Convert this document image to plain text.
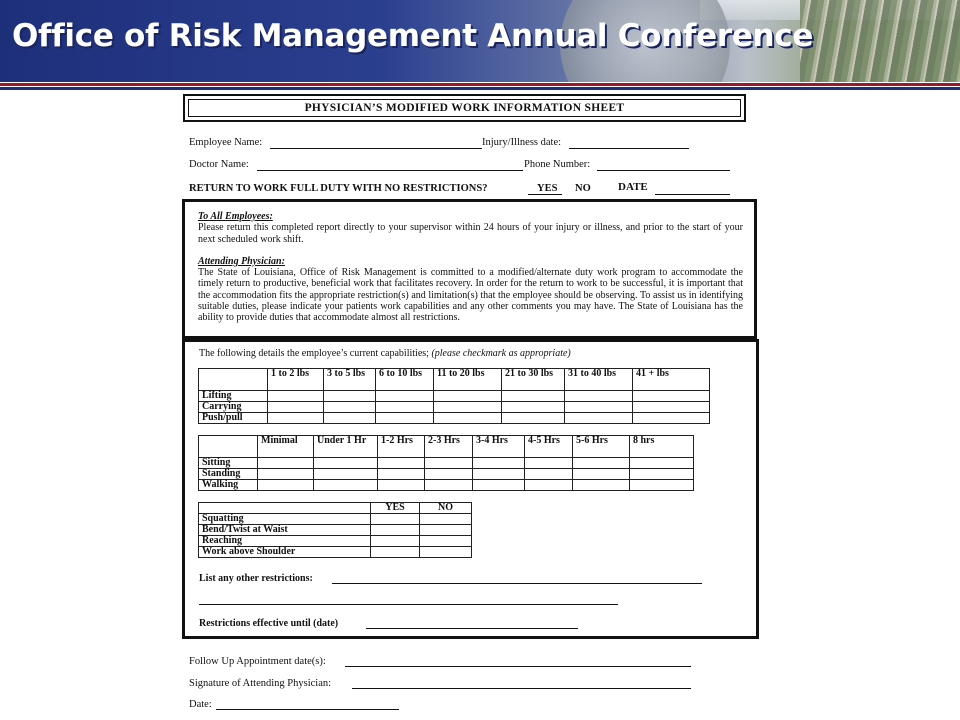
Office of Risk Management Annual Conference
PHYSICIAN’S MODIFIED WORK INFORMATION SHEET
Employee Name:	Injury/Illness date:
Doctor Name:	Phone Number:
RETURN TO WORK FULL DUTY WITH NO RESTRICTIONS?	YES NO DATE
To All Employees:

Please return this completed report directly to your supervisor within 24 hours of your injury or illness, and prior to the start of your next scheduled work shift.

Attending Physician:

The State of Louisiana, Office of Risk Management is committed to a modified/alternate duty work program to accommodate the timely return to productive, beneficial work that facilitates recovery. In order for the return to work to be successful, it is important that the accommodation fits the appropriate restriction(s) and limitation(s) that the employee should be observing. To assist us in identifying suitable duties, please indicate your patients work capabilities and any other comments you may have. The State of Louisiana has the ability to provide duties that accommodate almost all restrictions.

The following details the employee’s current capabilities; (please checkmark as appropriate)
	1 to 2 lbs	3 to 5 lbs	6 to 10 lbs	11 to 20 lbs	21 to 30 lbs	31 to 40 lbs	41 + lbs
Lifting							
Carrying							
Push/pull							
	Minimal	Under 1 Hr	1-2 Hrs	2-3 Hrs	3-4 Hrs	4-5 Hrs	5-6 Hrs	8 hrs
Sitting								
Standing								
Walking								
	YES	NO
Squatting		
Bend/Twist at Waist		
Reaching		
Work above Shoulder		
List any other restrictions:
Restrictions effective until (date)
Follow Up Appointment date(s):
Signature of Attending Physician:
Date:
